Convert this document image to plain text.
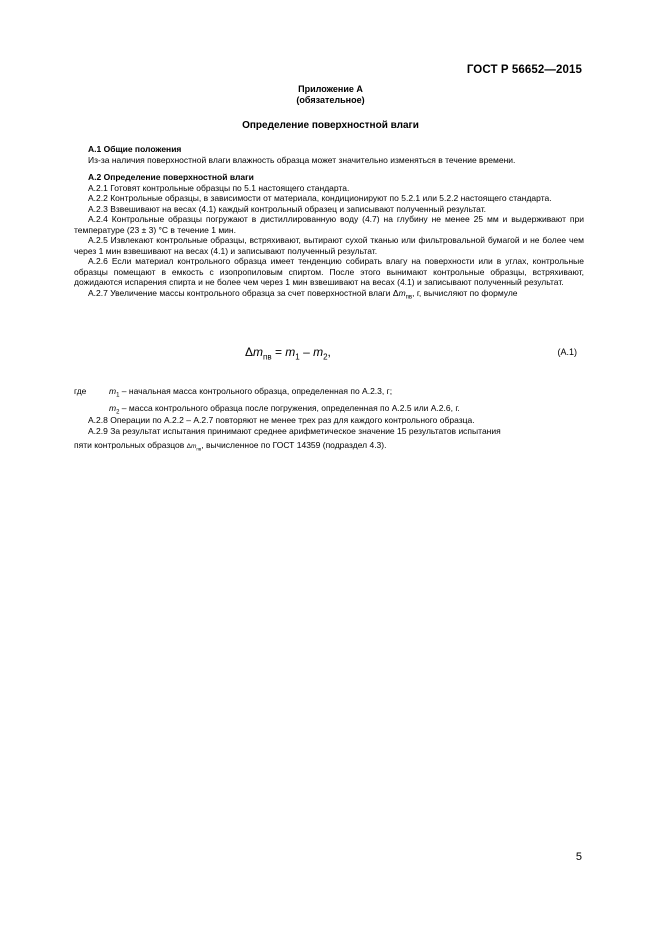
ГОСТ Р 56652—2015
Приложение А
(обязательное)
Определение поверхностной влаги

А.1 Общие положения

Из-за наличия поверхностной влаги влажность образца может значительно изменяться в течение времени.

А.2 Определение поверхностной влаги

А.2.1 Готовят контрольные образцы по 5.1 настоящего стандарта.

А.2.2 Контрольные образцы, в зависимости от материала, кондиционируют по 5.2.1 или 5.2.2 настоящего стандарта.

А.2.3 Взвешивают на весах (4.1) каждый контрольный образец и записывают полученный результат.

А.2.4 Контрольные образцы погружают в дистиллированную воду (4.7) на глубину не менее 25 мм и выдерживают при температуре (23 ± 3) °С в течение 1 мин.

А.2.5 Извлекают контрольные образцы, встряхивают, вытирают сухой тканью или фильтровальной бумагой и не более чем через 1 мин взвешивают на весах (4.1) и записывают полученный результат.

А.2.6 Если материал контрольного образца имеет тенденцию собирать влагу на поверхности или в углах, контрольные образцы помещают в емкость с изопропиловым спиртом. После этого вынимают контрольные образцы, встряхивают, дожидаются испарения спирта и не более чем через 1 мин взвешивают на весах (4.1) и записывают полученный результат.

А.2.7 Увеличение массы контрольного образца за счет поверхностной влаги $\Delta m_{пв}$, г, вычисляют по формуле

$\Delta m_{пв} = m_1 - m_2$,	(А.1)
где	$m_1$ – начальная масса контрольного образца, определенная по А.2.3, г;
$m_2$ – масса контрольного образца после погружения, определенная по А.2.5 или А.2.6, г.

А.2.8 Операции по А.2.2 – А.2.7 повторяют не менее трех раз для каждого контрольного образца.

А.2.9 За результат испытания принимают среднее арифметическое значение 15 результатов испытания

пяти контрольных образцов $\Delta m_{пв}$, вычисленное по ГОСТ 14359 (подраздел 4.3).

5
